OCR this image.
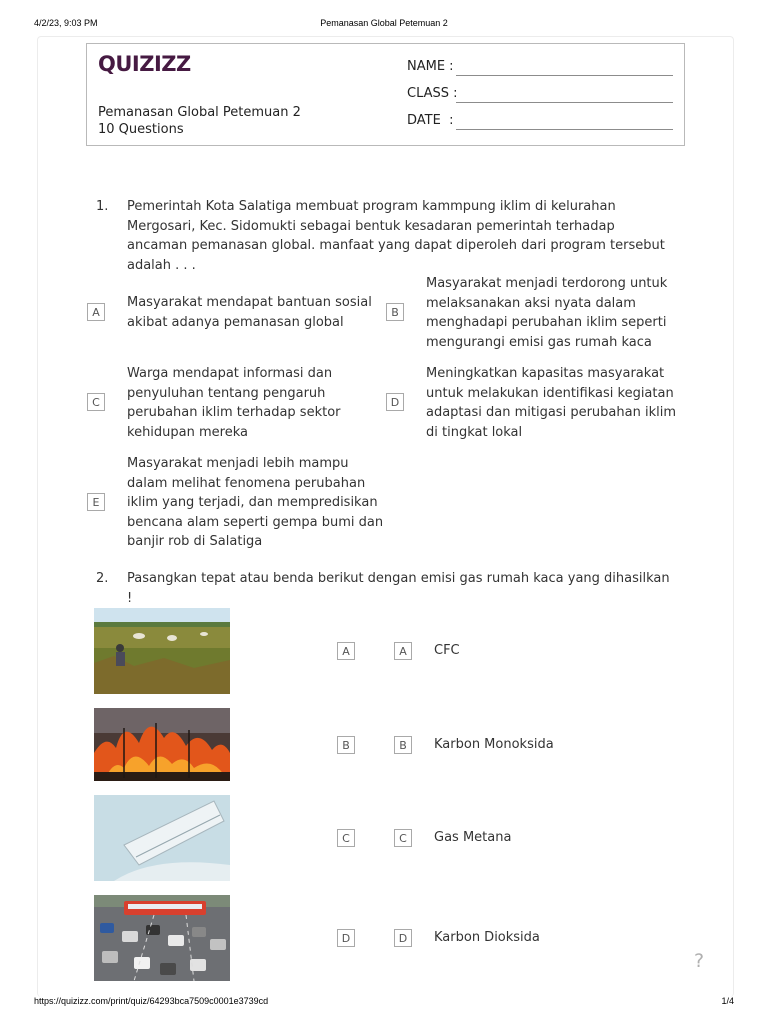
4/2/23, 9:03 PM	Pemanasan Global Petemuan 2
https://quizizz.com/print/quiz/64293bca7509c0001e3739cd	1/4
QUIZIZZ
Pemanasan Global Petemuan 2
10 Questions
NAME :
CLASS :
DATE  :
1. Pemerintah Kota Salatiga membuat program kammpung iklim di kelurahan Mergosari, Kec. Sidomukti sebagai bentuk kesadaran pemerintah terhadap ancaman pemanasan global. manfaat yang dapat diperoleh dari program tersebut adalah . . .
A
Masyarakat mendapat bantuan sosial akibat adanya pemanasan global
B
Masyarakat menjadi terdorong untuk melaksanakan aksi nyata dalam menghadapi perubahan iklim seperti mengurangi emisi gas rumah kaca
C
Warga mendapat informasi dan penyuluhan tentang pengaruh perubahan iklim terhadap sektor kehidupan mereka
D
Meningkatkan kapasitas masyarakat untuk melakukan identifikasi kegiatan adaptasi dan mitigasi perubahan iklim di tingkat lokal
E
Masyarakat menjadi lebih mampu dalam melihat fenomena perubahan iklim yang terjadi, dan mempredisikan bencana alam seperti gempa bumi dan banjir rob di Salatiga
2. Pasangkan tepat atau benda berikut dengan emisi gas rumah kaca yang dihasilkan !
A
B
C
D
A	CFC
B	Karbon Monoksida
C	Gas Metana
D	Karbon Dioksida
?
